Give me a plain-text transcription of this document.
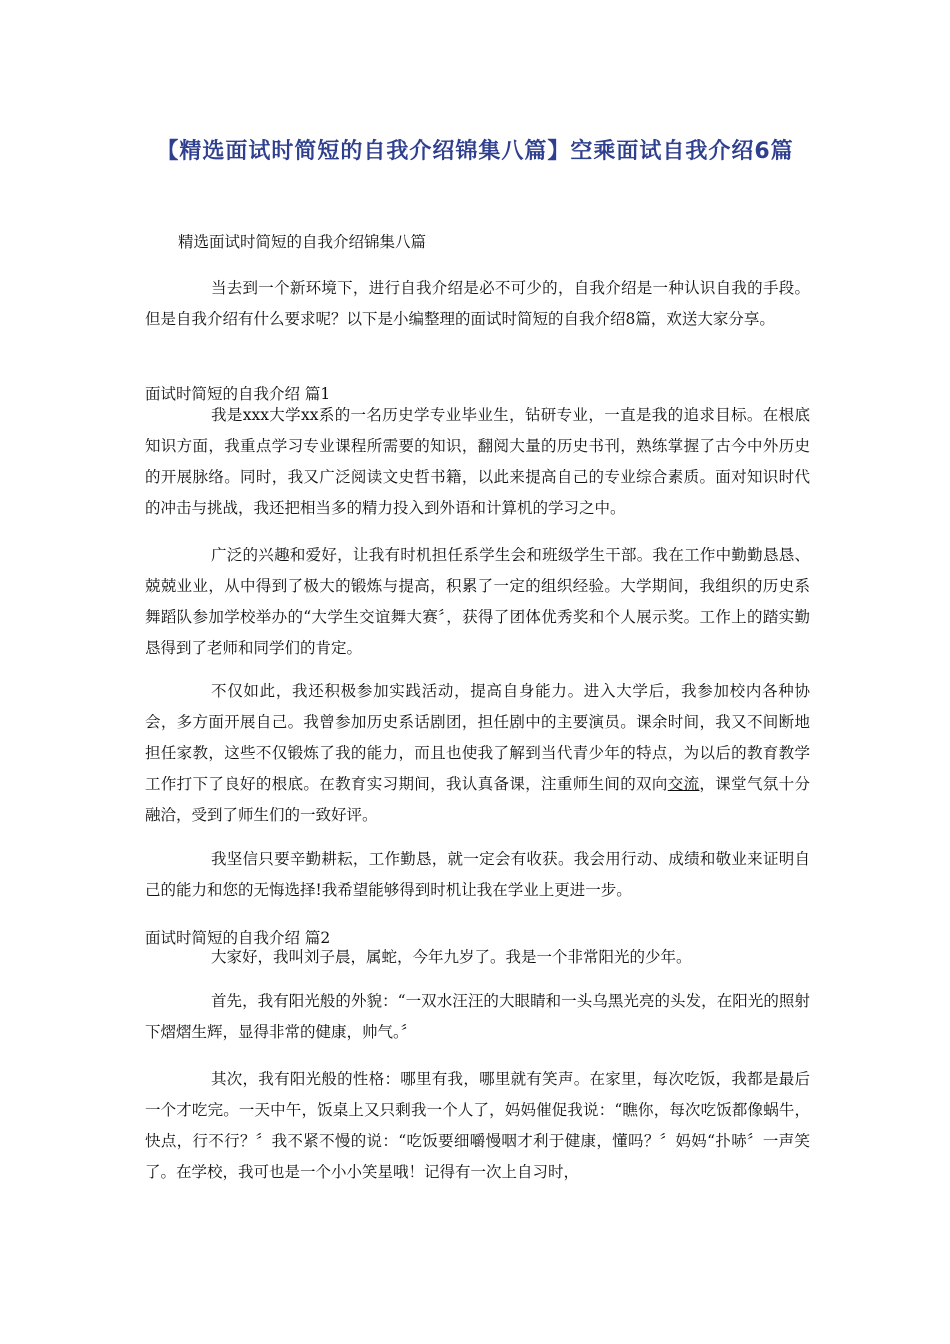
【精选面试时简短的自我介绍锦集八篇】空乘面试自我介绍6篇
精选面试时简短的自我介绍锦集八篇
当去到一个新环境下，进行自我介绍是必不可少的，自我介绍是一种认识自我的手段。但是自我介绍有什么要求呢？以下是小编整理的面试时简短的自我介绍8篇，欢送大家分享。
面试时简短的自我介绍 篇1
我是xxx大学xx系的一名历史学专业毕业生，钻研专业，一直是我的追求目标。在根底知识方面，我重点学习专业课程所需要的知识，翻阅大量的历史书刊，熟练掌握了古今中外历史的开展脉络。同时，我又广泛阅读文史哲书籍，以此来提高自己的专业综合素质。面对知识时代的冲击与挑战，我还把相当多的精力投入到外语和计算机的学习之中。
广泛的兴趣和爱好，让我有时机担任系学生会和班级学生干部。我在工作中勤勤恳恳、兢兢业业，从中得到了极大的锻炼与提高，积累了一定的组织经验。大学期间，我组织的历史系舞蹈队参加学校举办的“大学生交谊舞大赛〞，获得了团体优秀奖和个人展示奖。工作上的踏实勤恳得到了老师和同学们的肯定。
不仅如此，我还积极参加实践活动，提高自身能力。进入大学后，我参加校内各种协会，多方面开展自己。我曾参加历史系话剧团，担任剧中的主要演员。课余时间，我又不间断地担任家教，这些不仅锻炼了我的能力，而且也使我了解到当代青少年的特点，为以后的教育教学工作打下了良好的根底。在教育实习期间，我认真备课，注重师生间的双向交流，课堂气氛十分融洽，受到了师生们的一致好评。
我坚信只要辛勤耕耘，工作勤恳，就一定会有收获。我会用行动、成绩和敬业来证明自己的能力和您的无悔选择!我希望能够得到时机让我在学业上更进一步。
面试时简短的自我介绍 篇2
大家好，我叫刘子晨，属蛇，今年九岁了。我是一个非常阳光的少年。
首先，我有阳光般的外貌：“一双水汪汪的大眼睛和一头乌黑光亮的头发，在阳光的照射下熠熠生辉，显得非常的健康，帅气。〞
其次，我有阳光般的性格：哪里有我，哪里就有笑声。在家里，每次吃饭，我都是最后一个才吃完。一天中午，饭桌上又只剩我一个人了，妈妈催促我说：“瞧你，每次吃饭都像蜗牛，快点，行不行？〞我不紧不慢的说：“吃饭要细嚼慢咽才利于健康，懂吗？〞妈妈“扑哧〞一声笑了。在学校，我可也是一个小小笑星哦！记得有一次上自习时，
